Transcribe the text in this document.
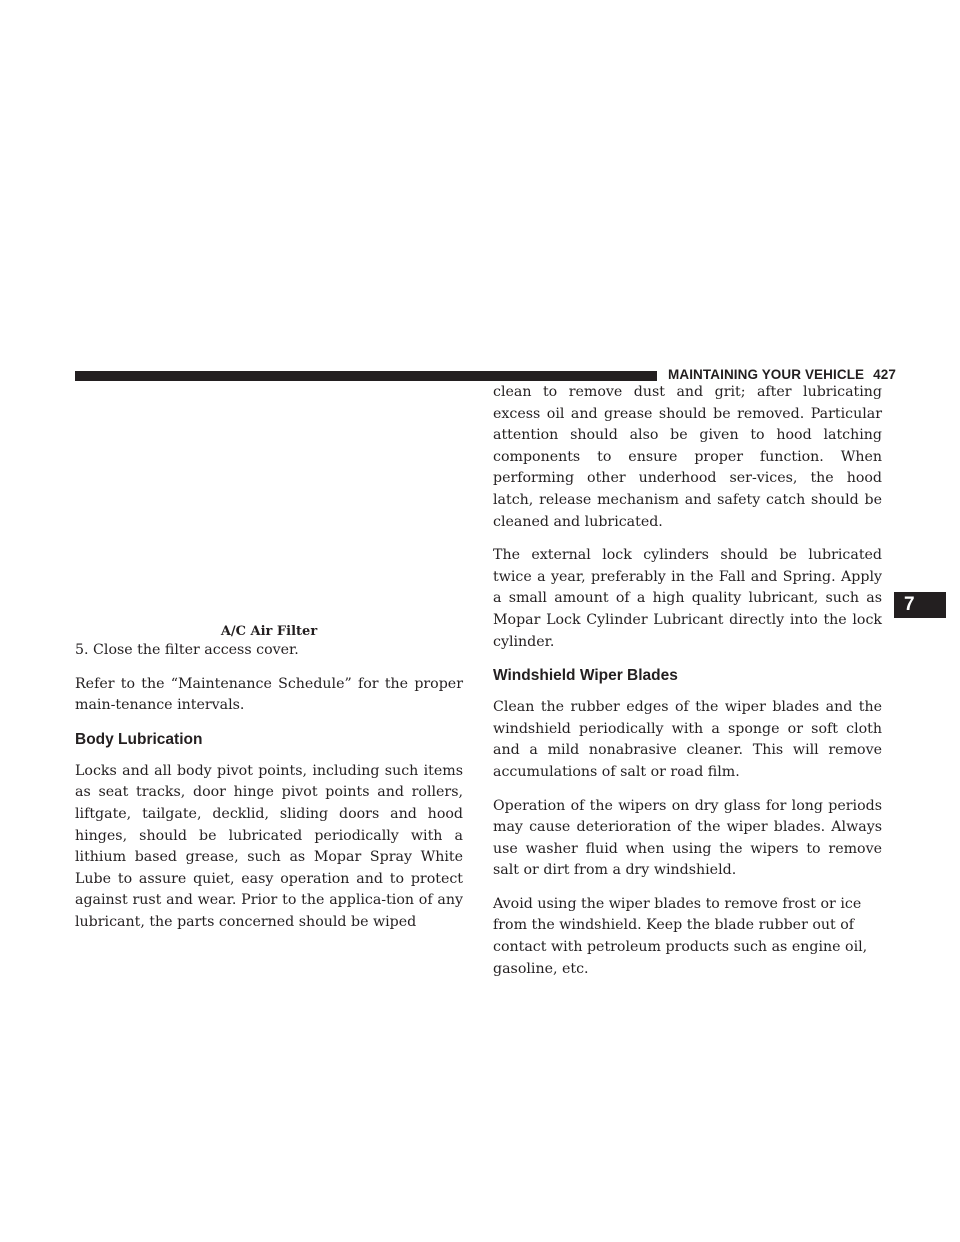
MAINTAINING YOUR VEHICLE 427
7
A/C Air Filter

5. Close the filter access cover.

Refer to the “Maintenance Schedule” for the proper main-tenance intervals.

Body Lubrication

Locks and all body pivot points, including such items as seat tracks, door hinge pivot points and rollers, liftgate, tailgate, decklid, sliding doors and hood hinges, should be lubricated periodically with a lithium based grease, such as Mopar Spray White Lube to assure quiet, easy operation and to protect against rust and wear. Prior to the applica-tion of any lubricant, the parts concerned should be wiped

clean to remove dust and grit; after lubricating excess oil and grease should be removed. Particular attention should also be given to hood latching components to ensure proper function. When performing other underhood ser-vices, the hood latch, release mechanism and safety catch should be cleaned and lubricated.

The external lock cylinders should be lubricated twice a year, preferably in the Fall and Spring. Apply a small amount of a high quality lubricant, such as Mopar Lock Cylinder Lubricant directly into the lock cylinder.

Windshield Wiper Blades

Clean the rubber edges of the wiper blades and the windshield periodically with a sponge or soft cloth and a mild nonabrasive cleaner. This will remove accumulations of salt or road film.

Operation of the wipers on dry glass for long periods may cause deterioration of the wiper blades. Always use washer fluid when using the wipers to remove salt or dirt from a dry windshield.

Avoid using the wiper blades to remove frost or ice from the windshield. Keep the blade rubber out of contact with petroleum products such as engine oil, gasoline, etc.
